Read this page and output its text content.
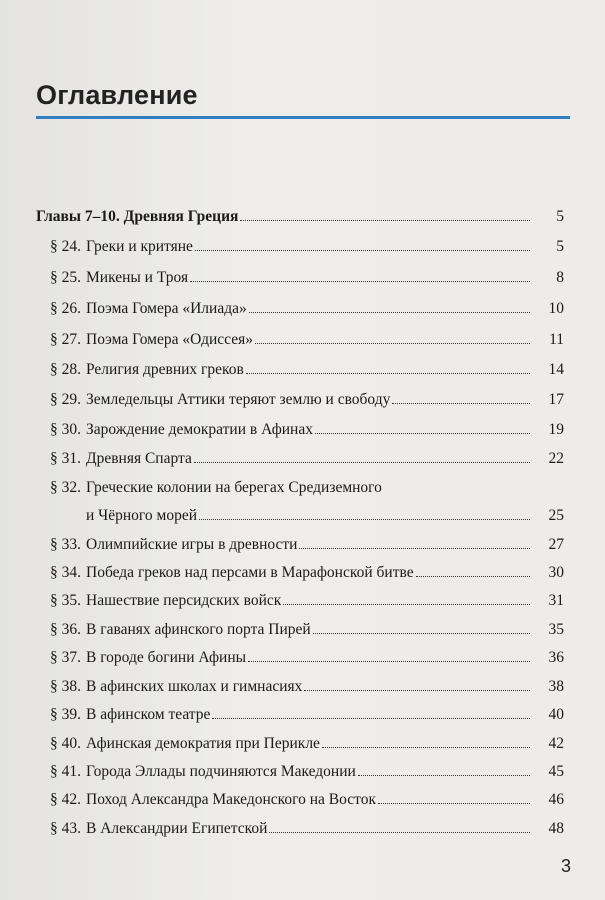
Оглавление
Главы 7–10. Древняя Греция	5
§ 24. Греки и критяне	5
§ 25. Микены и Троя	8
§ 26. Поэма Гомера «Илиада»	10
§ 27. Поэма Гомера «Одиссея»	11
§ 28. Религия древних греков	14
§ 29. Земледельцы Аттики теряют землю и свободу	17
§ 30. Зарождение демократии в Афинах	19
§ 31. Древняя Спарта	22
§ 32. Греческие колонии на берегах Средиземного
и Чёрного морей	25
§ 33. Олимпийские игры в древности	27
§ 34. Победа греков над персами в Марафонской битве	30
§ 35. Нашествие персидских войск	31
§ 36. В гаванях афинского порта Пирей	35
§ 37. В городе богини Афины	36
§ 38. В афинских школах и гимнасиях	38
§ 39. В афинском театре	40
§ 40. Афинская демократия при Перикле	42
§ 41. Города Эллады подчиняются Македонии	45
§ 42. Поход Александра Македонского на Восток	46
§ 43. В Александрии Египетской	48
3
